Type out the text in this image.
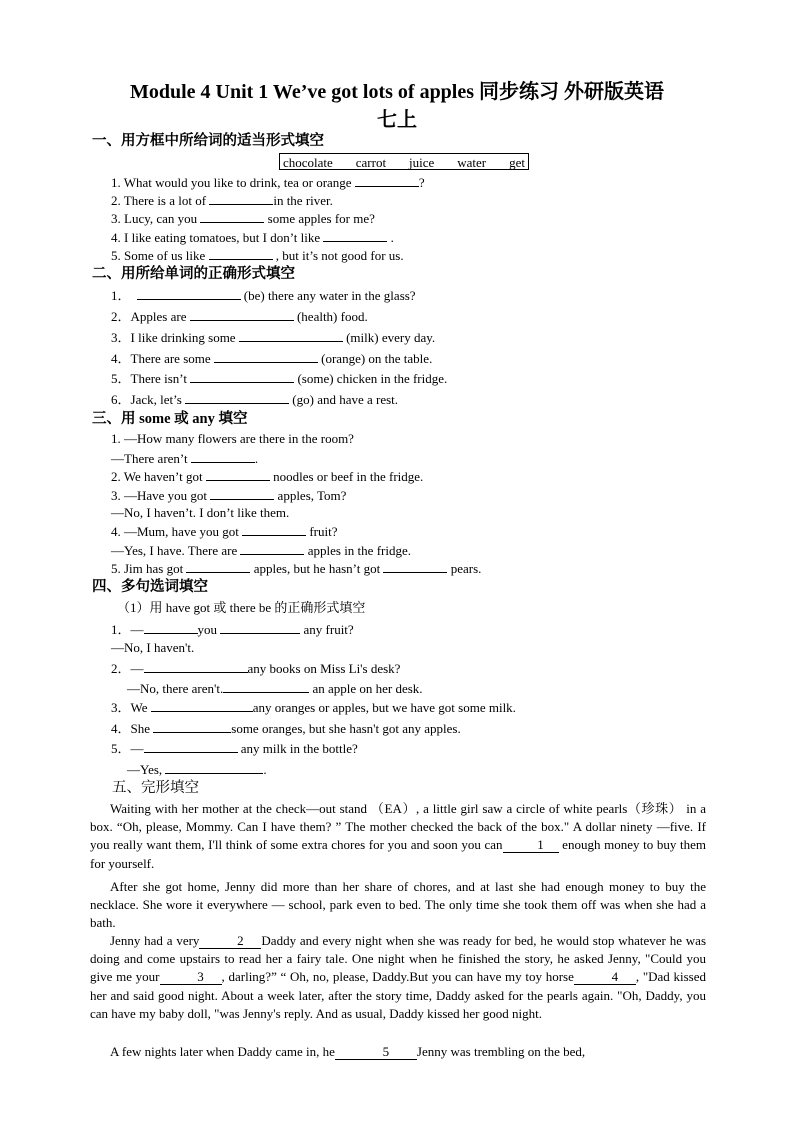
Module 4 Unit 1 We’ve got lots of apples 同步练习 外研版英语
七上
一、用方框中所给词的适当形式填空
chocolate carrot juice water get
1. What would you like to drink, tea or orange	?
2. There is a lot of	in the river.
3. Lucy, can you	some apples for me?
4. I like eating tomatoes, but I don’t like	.
5. Some of us like	, but it’s not good for us.
二、用所给单词的正确形式填空
1．	(be) there any water in the glass?
2．Apples are	(health) food.
3．I like drinking some	(milk) every day.
4．There are some	(orange) on the table.
5．There isn’t	(some) chicken in the fridge.
6．Jack, let’s	(go) and have a rest.
三、用 some 或 any 填空
1. —How many flowers are there in the room?
—There aren’t	.
2. We haven’t got	noodles or beef in the fridge.
3. —Have you got	apples, Tom?
—No, I haven’t. I don’t like them.
4. —Mum, have you got	fruit?
—Yes, I have. There are	apples in the fridge.
5. Jim has got	apples, but he hasn’t got	pears.
四、多句选词填空
（1）用 have got 或 there be 的正确形式填空
1．—	you	any fruit?
—No, I haven't.
2．—	any books on Miss Li's desk?
—No, there aren't.	an apple on her desk.
3．We	any oranges or apples, but we have got some milk.
4．She	some oranges, but she hasn't got any apples.
5．—	any milk in the bottle?
—Yes,	.
五、完形填空
Waiting with her mother at the check—out stand （EA）, a little girl saw a circle of white pearls（珍珠） in a box. “Oh, please, Mommy. Can I have them? ” The mother checked the back of the box." A dollar ninety —five. If you really want them, I'll think of some extra chores for you and soon you can	1 enough money to buy them for yourself.
After she got home, Jenny did more than her share of chores, and at last she had enough money to buy the necklace. She wore it everywhere — school, park even to bed. The only time she took them off was when she had a bath.
Jenny had a very	2 Daddy and every night when she was ready for bed, he would stop whatever he was doing and come upstairs to read her a fairy tale. One night when he finished the story, he asked Jenny, "Could you give me your	3 , darling?” “ Oh, no, please, Daddy.But you can have my toy horse	4 , "Dad kissed her and said good night. About a week later, after the story time, Daddy asked for the pearls again. "Oh, Daddy, you can have my baby doll, "was Jenny's reply. And as usual, Daddy kissed her good night.
A few nights later when Daddy came in, he	5 Jenny was trembling on the bed,
